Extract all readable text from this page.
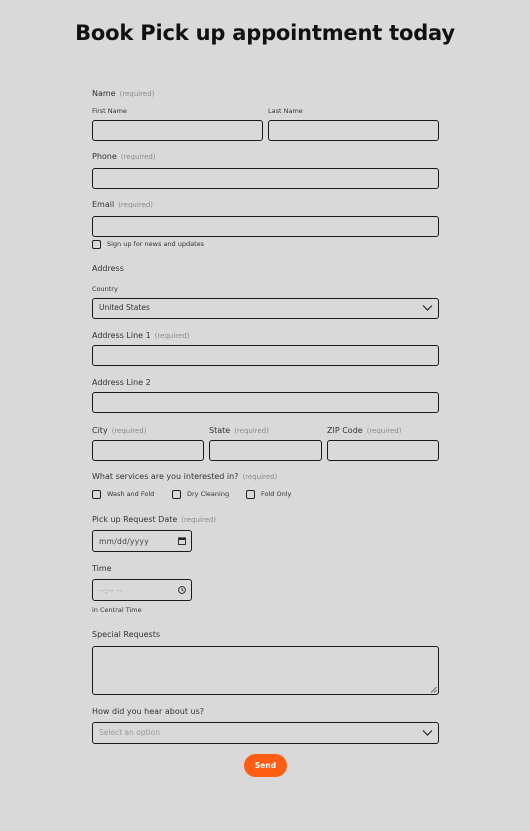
Book Pick up appointment today
Name (required)
First Name	Last Name
Phone (required)
Email (required)
Sign up for news and updates
Address
Country
United States
Address Line 1 (required)
Address Line 2
City (required)	State (required)	ZIP Code (required)
What services are you interested in? (required)
Wash and Fold	Dry Cleaning	Fold Only
Pick up Request Date (required)
mm/dd/yyyy
Time
--:-- --
in Central Time
Special Requests
How did you hear about us?
Select an option
Send
